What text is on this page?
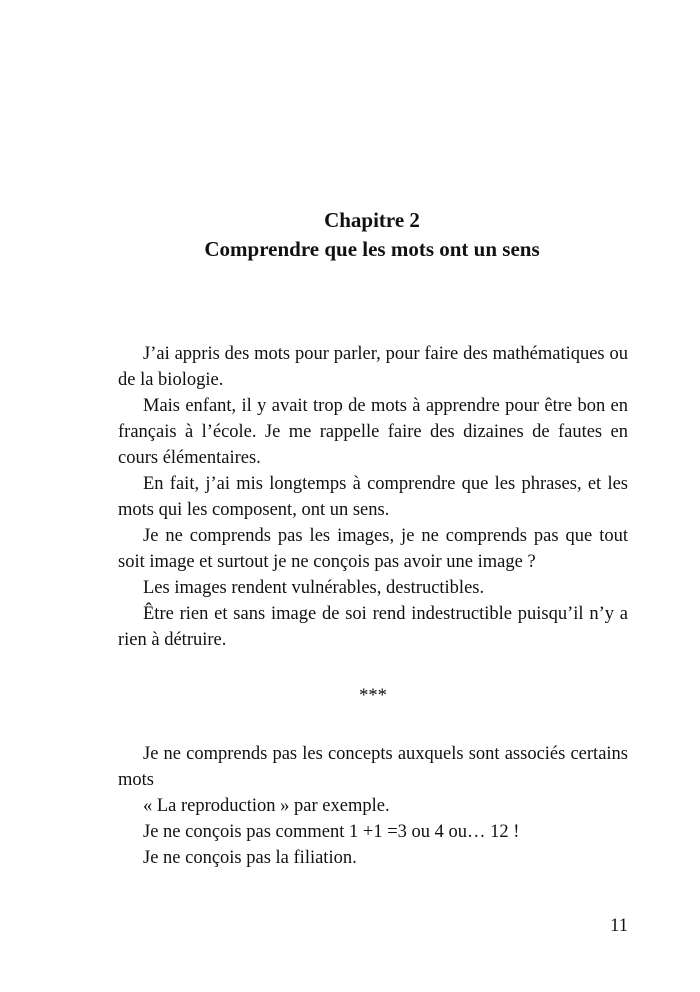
Chapitre 2
Comprendre que les mots ont un sens

J’ai appris des mots pour parler, pour faire des mathématiques ou de la biologie.

Mais enfant, il y avait trop de mots à apprendre pour être bon en français à l’école. Je me rappelle faire des dizaines de fautes en cours élémentaires.

En fait, j’ai mis longtemps à comprendre que les phrases, et les mots qui les composent, ont un sens.

Je ne comprends pas les images, je ne comprends pas que tout soit image et surtout je ne conçois pas avoir une image ?

Les images rendent vulnérables, destructibles.

Être rien et sans image de soi rend indestructible puisqu’il n’y a rien à détruire.

***

Je ne comprends pas les concepts auxquels sont associés certains mots

« La reproduction » par exemple.

Je ne conçois pas comment 1 +1 =3 ou 4 ou… 12 !

Je ne conçois pas la filiation.

11
